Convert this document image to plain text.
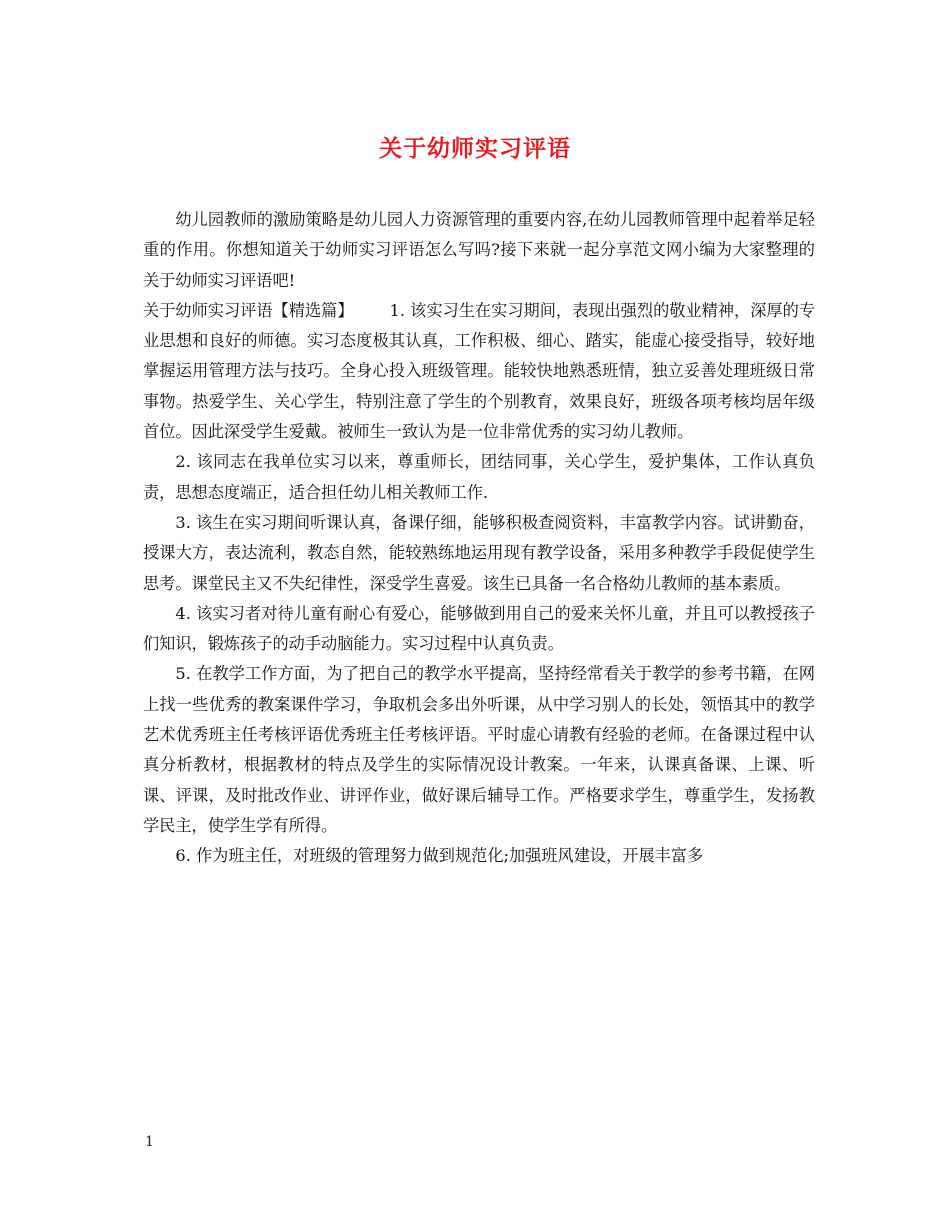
关于幼师实习评语

幼儿园教师的激励策略是幼儿园人力资源管理的重要内容,在幼儿园教师管理中起着举足轻重的作用。你想知道关于幼师实习评语怎么写吗?接下来就一起分享范文网小编为大家整理的关于幼师实习评语吧!

关于幼师实习评语【精选篇】 1. 该实习生在实习期间，表现出强烈的敬业精神，深厚的专业思想和良好的师德。实习态度极其认真，工作积极、细心、踏实，能虚心接受指导，较好地掌握运用管理方法与技巧。全身心投入班级管理。能较快地熟悉班情，独立妥善处理班级日常事物。热爱学生、关心学生，特别注意了学生的个别教育，效果良好，班级各项考核均居年级首位。因此深受学生爱戴。被师生一致认为是一位非常优秀的实习幼儿教师。

2. 该同志在我单位实习以来，尊重师长，团结同事，关心学生，爱护集体，工作认真负责，思想态度端正，适合担任幼儿相关教师工作.

3. 该生在实习期间听课认真，备课仔细，能够积极查阅资料，丰富教学内容。试讲勤奋，授课大方，表达流利，教态自然，能较熟练地运用现有教学设备，采用多种教学手段促使学生思考。课堂民主又不失纪律性，深受学生喜爱。该生已具备一名合格幼儿教师的基本素质。

4. 该实习者对待儿童有耐心有爱心，能够做到用自己的爱来关怀儿童，并且可以教授孩子们知识，锻炼孩子的动手动脑能力。实习过程中认真负责。

5. 在教学工作方面，为了把自己的教学水平提高，坚持经常看关于教学的参考书籍，在网上找一些优秀的教案课件学习，争取机会多出外听课，从中学习别人的长处，领悟其中的教学艺术优秀班主任考核评语优秀班主任考核评语。平时虚心请教有经验的老师。在备课过程中认真分析教材，根据教材的特点及学生的实际情况设计教案。一年来，认课真备课、上课、听课、评课，及时批改作业、讲评作业，做好课后辅导工作。严格要求学生，尊重学生，发扬教学民主，使学生学有所得。

6. 作为班主任，对班级的管理努力做到规范化;加强班风建设，开展丰富多

1
